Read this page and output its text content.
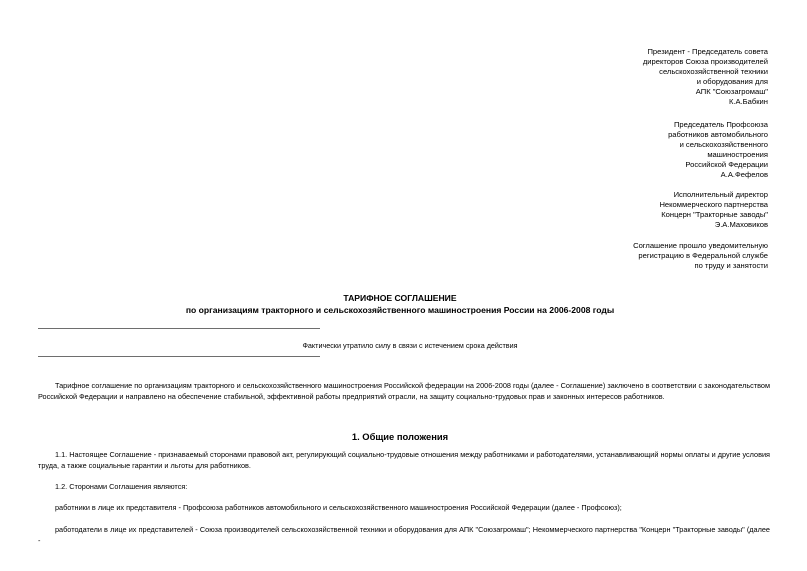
Президент - Председатель совета
директоров Союза производителей
сельскохозяйственной техники
и оборудования для
АПК "Союзагромаш"
К.А.Бабкин
Председатель Профсоюза
работников автомобильного
и сельскохозяйственного
машиностроения
Российской Федерации
А.А.Фефелов
Исполнительный директор
Некоммерческого партнерства
Концерн "Тракторные заводы"
Э.А.Маховиков
Соглашение прошло уведомительную
регистрацию в Федеральной службе
по труду и занятости
ТАРИФНОЕ СОГЛАШЕНИЕ
по организациям тракторного и сельскохозяйственного машиностроения России на 2006-2008 годы
Фактически утратило силу в связи с истечением срока действия
Тарифное соглашение по организациям тракторного и сельскохозяйственного машиностроения Российской федерации на 2006-2008 годы (далее - Соглашение) заключено в соответствии с законодательством Российской Федерации и направлено на обеспечение стабильной, эффективной работы предприятий отрасли, на защиту социально-трудовых прав и законных интересов работников.
1. Общие положения
1.1. Настоящее Соглашение - признаваемый сторонами правовой акт, регулирующий социально-трудовые отношения между работниками и работодателями, устанавливающий нормы оплаты и другие условия труда, а также социальные гарантии и льготы для работников.
1.2. Сторонами Соглашения являются:
работники в лице их представителя - Профсоюза работников автомобильного и сельскохозяйственного машиностроения Российской Федерации (далее - Профсоюз);
работодатели в лице их представителей - Союза производителей сельскохозяйственной техники и оборудования для АПК "Союзагромаш"; Некоммерческого партнерства "Концерн "Тракторные заводы" (далее -
